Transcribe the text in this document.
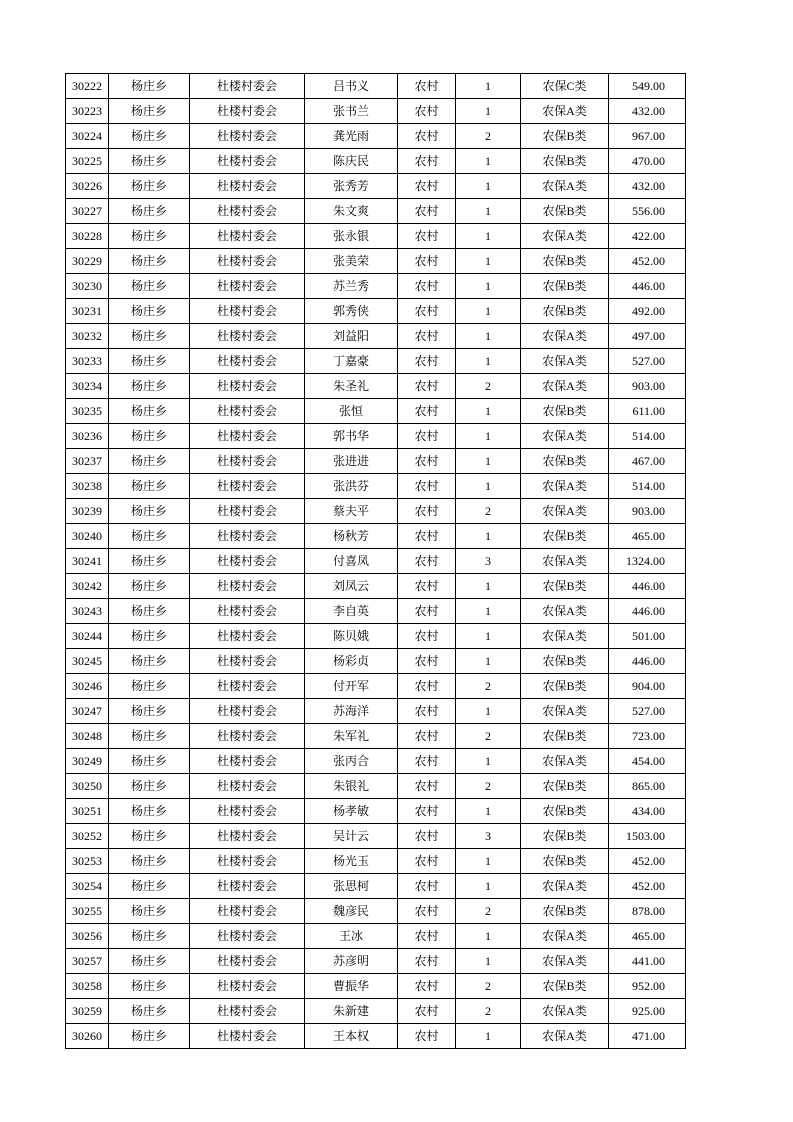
30222	杨庄乡	杜楼村委会	吕书义	农村	1	农保C类	549.00
30223	杨庄乡	杜楼村委会	张书兰	农村	1	农保A类	432.00
30224	杨庄乡	杜楼村委会	龚光雨	农村	2	农保B类	967.00
30225	杨庄乡	杜楼村委会	陈庆民	农村	1	农保B类	470.00
30226	杨庄乡	杜楼村委会	张秀芳	农村	1	农保A类	432.00
30227	杨庄乡	杜楼村委会	朱文爽	农村	1	农保B类	556.00
30228	杨庄乡	杜楼村委会	张永银	农村	1	农保A类	422.00
30229	杨庄乡	杜楼村委会	张美荣	农村	1	农保B类	452.00
30230	杨庄乡	杜楼村委会	苏兰秀	农村	1	农保B类	446.00
30231	杨庄乡	杜楼村委会	郭秀侠	农村	1	农保B类	492.00
30232	杨庄乡	杜楼村委会	刘益阳	农村	1	农保A类	497.00
30233	杨庄乡	杜楼村委会	丁嘉豪	农村	1	农保A类	527.00
30234	杨庄乡	杜楼村委会	朱圣礼	农村	2	农保A类	903.00
30235	杨庄乡	杜楼村委会	张恒	农村	1	农保B类	611.00
30236	杨庄乡	杜楼村委会	郭书华	农村	1	农保A类	514.00
30237	杨庄乡	杜楼村委会	张进进	农村	1	农保B类	467.00
30238	杨庄乡	杜楼村委会	张洪芬	农村	1	农保A类	514.00
30239	杨庄乡	杜楼村委会	蔡夫平	农村	2	农保A类	903.00
30240	杨庄乡	杜楼村委会	杨秋芳	农村	1	农保B类	465.00
30241	杨庄乡	杜楼村委会	付喜凤	农村	3	农保A类	1324.00
30242	杨庄乡	杜楼村委会	刘凤云	农村	1	农保B类	446.00
30243	杨庄乡	杜楼村委会	李自英	农村	1	农保A类	446.00
30244	杨庄乡	杜楼村委会	陈贝娥	农村	1	农保A类	501.00
30245	杨庄乡	杜楼村委会	杨彩贞	农村	1	农保B类	446.00
30246	杨庄乡	杜楼村委会	付开军	农村	2	农保B类	904.00
30247	杨庄乡	杜楼村委会	苏海洋	农村	1	农保A类	527.00
30248	杨庄乡	杜楼村委会	朱军礼	农村	2	农保B类	723.00
30249	杨庄乡	杜楼村委会	张丙合	农村	1	农保A类	454.00
30250	杨庄乡	杜楼村委会	朱银礼	农村	2	农保B类	865.00
30251	杨庄乡	杜楼村委会	杨孝敏	农村	1	农保B类	434.00
30252	杨庄乡	杜楼村委会	吴计云	农村	3	农保B类	1503.00
30253	杨庄乡	杜楼村委会	杨光玉	农村	1	农保B类	452.00
30254	杨庄乡	杜楼村委会	张思柯	农村	1	农保A类	452.00
30255	杨庄乡	杜楼村委会	魏彦民	农村	2	农保B类	878.00
30256	杨庄乡	杜楼村委会	王冰	农村	1	农保A类	465.00
30257	杨庄乡	杜楼村委会	苏彦明	农村	1	农保A类	441.00
30258	杨庄乡	杜楼村委会	曹振华	农村	2	农保B类	952.00
30259	杨庄乡	杜楼村委会	朱新建	农村	2	农保A类	925.00
30260	杨庄乡	杜楼村委会	王本权	农村	1	农保A类	471.00
